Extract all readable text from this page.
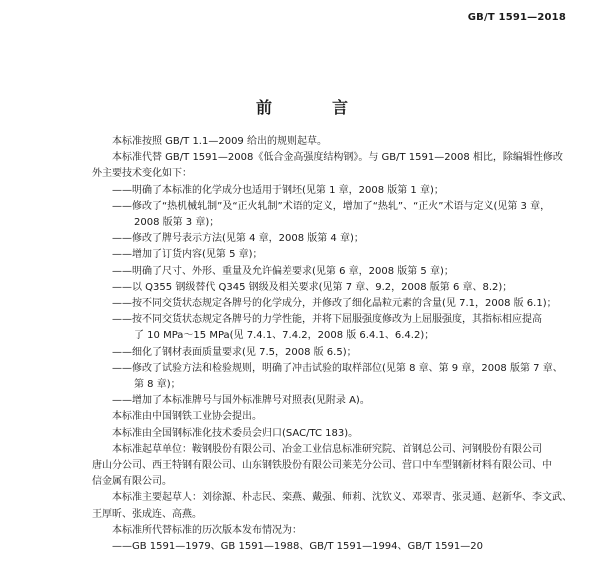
GB/T 1591—2018
前　言

本标准按照 GB/T 1.1—2009 给出的规则起草。

本标准代替 GB/T 1591—2008《低合金高强度结构钢》。与 GB/T 1591—2008 相比，除编辑性修改

外主要技术变化如下：

——明确了本标准的化学成分也适用于钢坯(见第 1 章，2008 版第 1 章)；

——修改了“热机械轧制”及“正火轧制”术语的定义，增加了“热轧”、“正火”术语与定义(见第 3 章，

2008 版第 3 章)；

——修改了牌号表示方法(见第 4 章，2008 版第 4 章)；

——增加了订货内容(见第 5 章)；

——明确了尺寸、外形、重量及允许偏差要求(见第 6 章，2008 版第 5 章)；

——以 Q355 钢级替代 Q345 钢级及相关要求(见第 7 章、9.2，2008 版第 6 章、8.2)；

——按不同交货状态规定各牌号的化学成分，并修改了细化晶粒元素的含量(见 7.1，2008 版 6.1)；

——按不同交货状态规定各牌号的力学性能，并将下屈服强度修改为上屈服强度，其指标相应提高

了 10 MPa～15 MPa(见 7.4.1、7.4.2，2008 版 6.4.1、6.4.2)；

——细化了钢材表面质量要求(见 7.5，2008 版 6.5)；

——修改了试验方法和检验规则，明确了冲击试验的取样部位(见第 8 章、第 9 章，2008 版第 7 章、

第 8 章)；

——增加了本标准牌号与国外标准牌号对照表(见附录 A)。

本标准由中国钢铁工业协会提出。

本标准由全国钢标准化技术委员会归口(SAC/TC 183)。

本标准起草单位：鞍钢股份有限公司、冶金工业信息标准研究院、首钢总公司、河钢股份有限公司

唐山分公司、西王特钢有限公司、山东钢铁股份有限公司莱芜分公司、营口中车型钢新材料有限公司、中

信金属有限公司。

本标准主要起草人：刘徐源、朴志民、栾燕、戴强、师莉、沈钦义、邓翠青、张灵通、赵新华、李文武、

王厚昕、张成连、高燕。

本标准所代替标准的历次版本发布情况为：

——GB 1591—1979、GB 1591—1988、GB/T 1591—1994、GB/T 1591—20
